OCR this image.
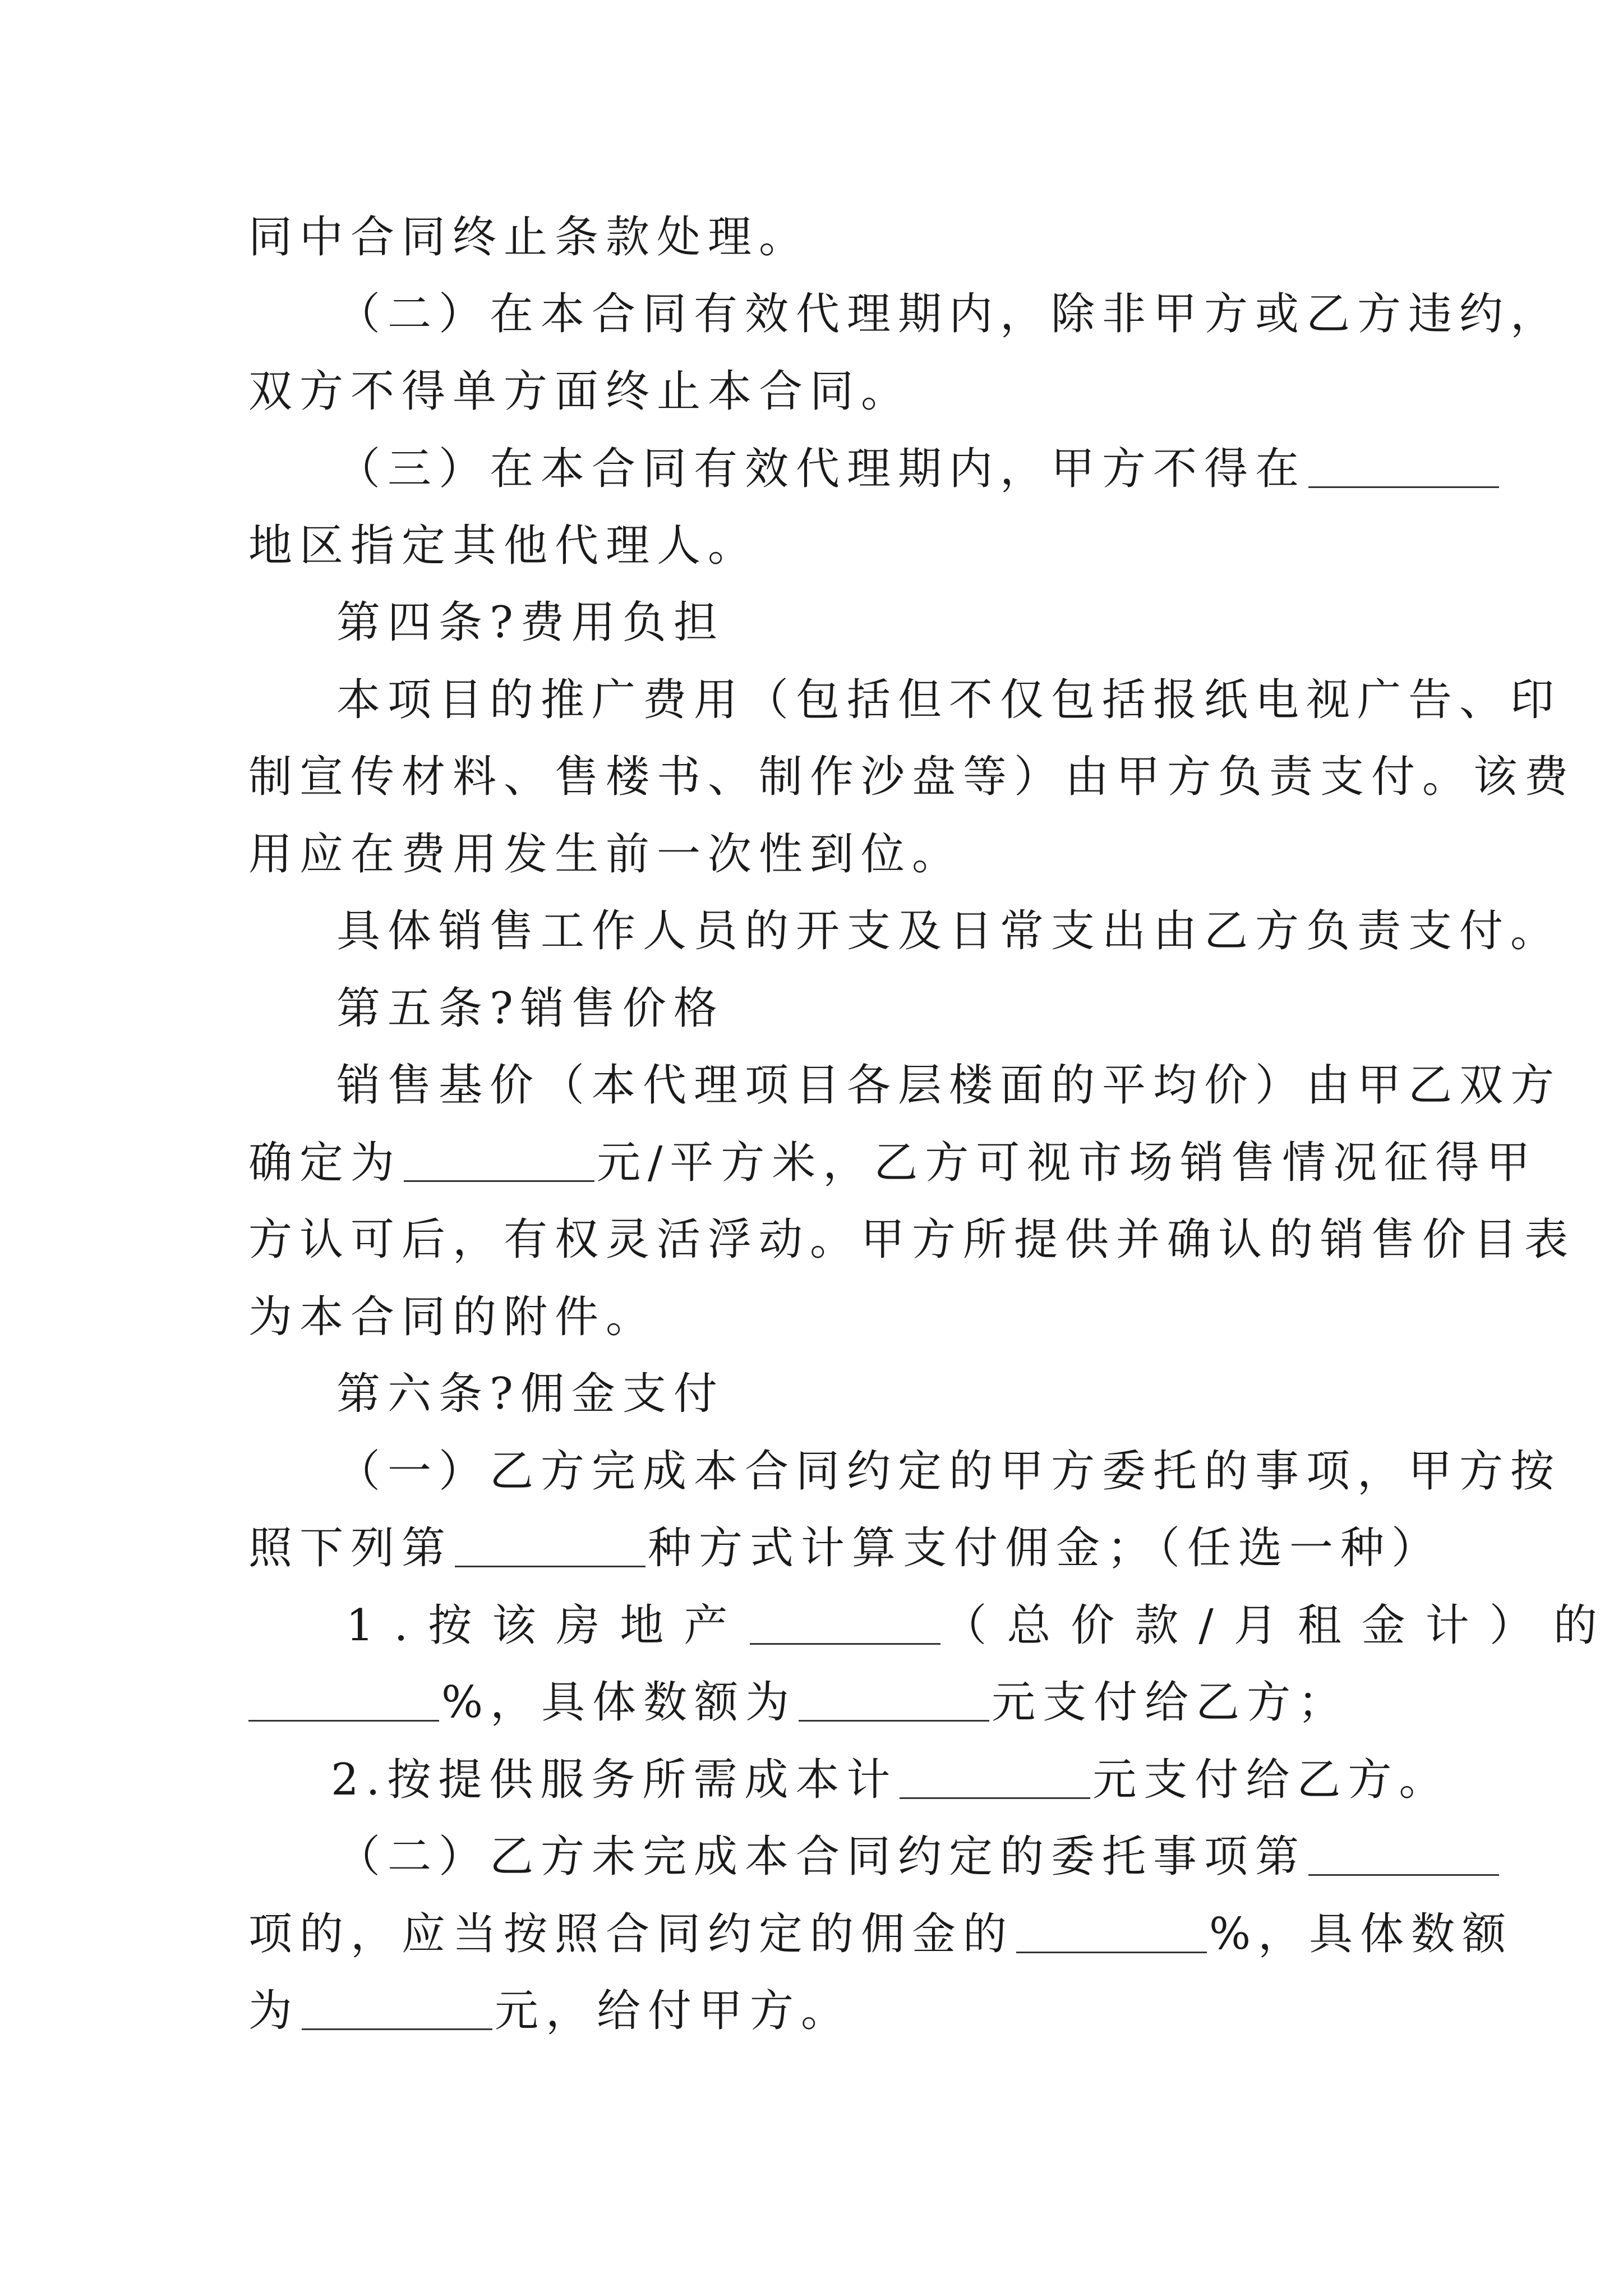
同中合同终止条款处理。
（二）在本合同有效代理期内，除非甲方或乙方违约，
双方不得单方面终止本合同。
（三）在本合同有效代理期内，甲方不得在
地区指定其他代理人。
第四条?费用负担
本项目的推广费用（包括但不仅包括报纸电视广告、印
制宣传材料、售楼书、制作沙盘等）由甲方负责支付。该费
用应在费用发生前一次性到位。
具体销售工作人员的开支及日常支出由乙方负责支付。
第五条?销售价格
销售基价（本代理项目各层楼面的平均价）由甲乙双方
确定为	元/平方米，乙方可视市场销售情况征得甲
方认可后，有权灵活浮动。甲方所提供并确认的销售价目表
为本合同的附件。
第六条?佣金支付
（一）乙方完成本合同约定的甲方委托的事项，甲方按
照下列第	种方式计算支付佣金；（任选一种）
1.按该房地产	（总价款/月租金计）的
%，具体数额为	元支付给乙方；
2.按提供服务所需成本计	元支付给乙方。
（二）乙方未完成本合同约定的委托事项第
项的，应当按照合同约定的佣金的	%，具体数额
为	元，给付甲方。
